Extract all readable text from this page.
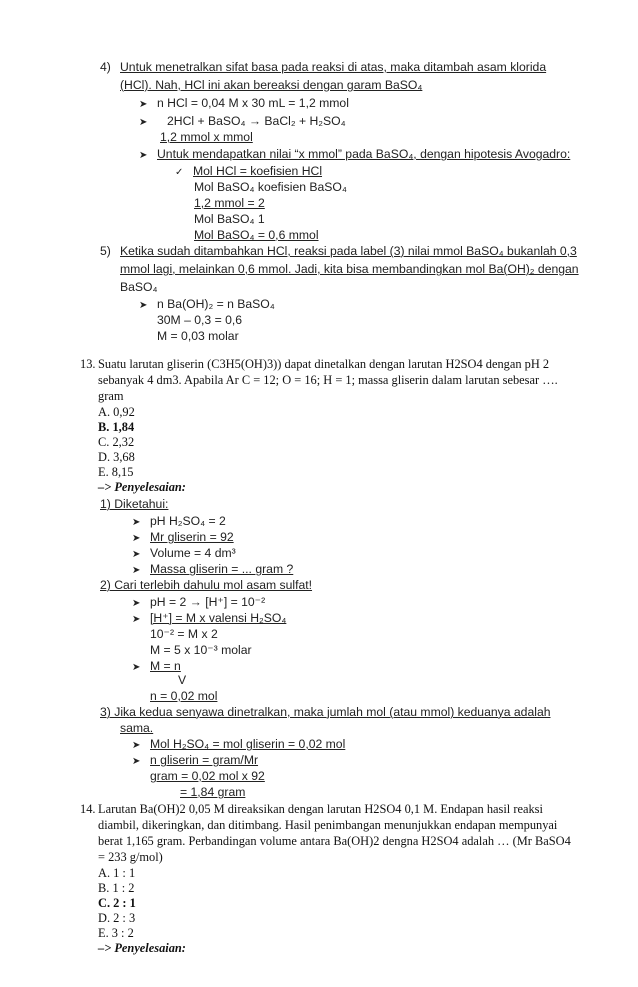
4) Untuk menetralkan sifat basa pada reaksi di atas, maka ditambah asam klorida
(HCl). Nah, HCl ini akan bereaksi dengan garam BaSO₄
➤ n HCl = 0,04 M x 30 mL = 1,2 mmol
➤ 2HCl + BaSO₄ → BaCl₂ + H₂SO₄
1,2 mmol x mmol
➤ Untuk mendapatkan nilai “x mmol” pada BaSO₄, dengan hipotesis Avogadro:
✓ Mol HCl = koefisien HCl
Mol BaSO₄ koefisien BaSO₄
1,2 mmol = 2
Mol BaSO₄ 1
Mol BaSO₄ = 0,6 mmol
5) Ketika sudah ditambahkan HCl, reaksi pada label (3) nilai mmol BaSO₄ bukanlah 0,3
mmol lagi, melainkan 0,6 mmol. Jadi, kita bisa membandingkan mol Ba(OH)₂ dengan
BaSO₄
➤ n Ba(OH)₂ = n BaSO₄
30M – 0,3 = 0,6
M = 0,03 molar
13. Suatu larutan gliserin (C3H5(OH)3)) dapat dinetalkan dengan larutan H2SO4 dengan pH 2
sebanyak 4 dm3. Apabila Ar C = 12; O = 16; H = 1; massa gliserin dalam larutan sebesar ….
gram
A. 0,92
B. 1,84
C. 2,32
D. 3,68
E. 8,15
–> Penyelesaian:
1) Diketahui:
➤ pH H₂SO₄ = 2
➤ Mr gliserin = 92
➤ Volume = 4 dm³
➤ Massa gliserin = ... gram ?
2) Cari terlebih dahulu mol asam sulfat!
➤ pH = 2 → [H⁺] = 10⁻²
➤ [H⁺] = M x valensi H₂SO₄
10⁻² = M x 2
M = 5 x 10⁻³ molar
➤ M = n
V
n = 0,02 mol
3) Jika kedua senyawa dinetralkan, maka jumlah mol (atau mmol) keduanya adalah
sama.
➤ Mol H₂SO₄ = mol gliserin = 0,02 mol
➤ n gliserin = gram/Mr
gram = 0,02 mol x 92
= 1,84 gram
14. Larutan Ba(OH)2 0,05 M direaksikan dengan larutan H2SO4 0,1 M. Endapan hasil reaksi
diambil, dikeringkan, dan ditimbang. Hasil penimbangan menunjukkan endapan mempunyai
berat 1,165 gram. Perbandingan volume antara Ba(OH)2 dengna H2SO4 adalah … (Mr BaSO4
= 233 g/mol)
A. 1 : 1
B. 1 : 2
C. 2 : 1
D. 2 : 3
E. 3 : 2
–> Penyelesaian:
